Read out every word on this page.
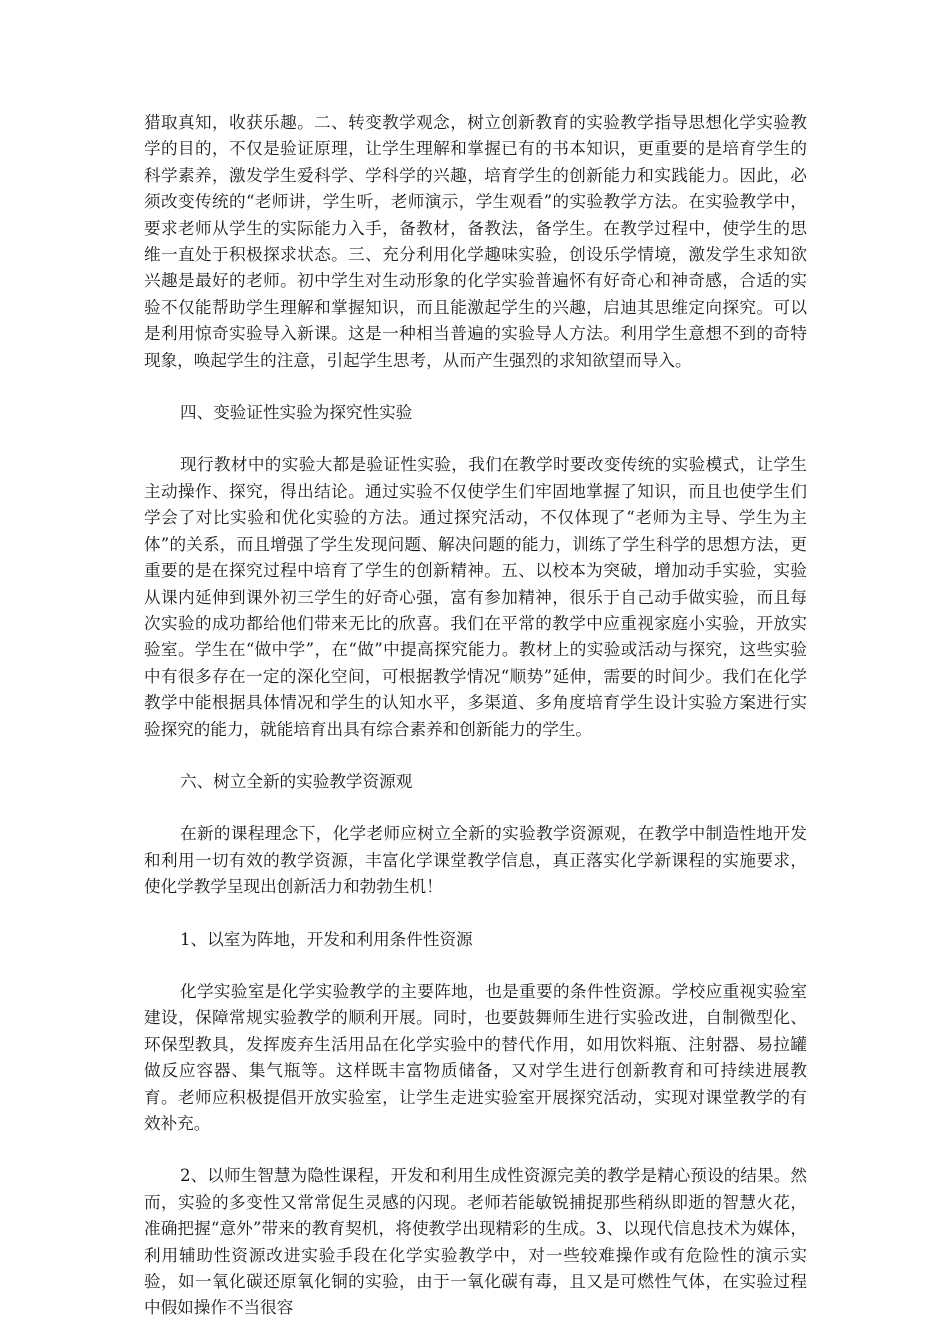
猎取真知，收获乐趣。二、转变教学观念，树立创新教育的实验教学指导思想化学实验教学的目的，不仅是验证原理，让学生理解和掌握已有的书本知识，更重要的是培育学生的科学素养，激发学生爱科学、学科学的兴趣，培育学生的创新能力和实践能力。因此，必须改变传统的“老师讲，学生听，老师演示，学生观看”的实验教学方法。在实验教学中，要求老师从学生的实际能力入手，备教材，备教法，备学生。在教学过程中，使学生的思维一直处于积极探求状态。三、充分利用化学趣味实验，创设乐学情境，激发学生求知欲兴趣是最好的老师。初中学生对生动形象的化学实验普遍怀有好奇心和神奇感，合适的实验不仅能帮助学生理解和掌握知识，而且能激起学生的兴趣，启迪其思维定向探究。可以是利用惊奇实验导入新课。这是一种相当普遍的实验导人方法。利用学生意想不到的奇特现象，唤起学生的注意，引起学生思考，从而产生强烈的求知欲望而导入。

四、变验证性实验为探究性实验

现行教材中的实验大都是验证性实验，我们在教学时要改变传统的实验模式，让学生主动操作、探究，得出结论。通过实验不仅使学生们牢固地掌握了知识，而且也使学生们学会了对比实验和优化实验的方法。通过探究活动，不仅体现了“老师为主导、学生为主体”的关系，而且增强了学生发现问题、解决问题的能力，训练了学生科学的思想方法，更重要的是在探究过程中培育了学生的创新精神。五、以校本为突破，增加动手实验，实验从课内延伸到课外初三学生的好奇心强，富有参加精神，很乐于自己动手做实验，而且每次实验的成功都给他们带来无比的欣喜。我们在平常的教学中应重视家庭小实验，开放实验室。学生在“做中学”，在“做”中提高探究能力。教材上的实验或活动与探究，这些实验中有很多存在一定的深化空间，可根据教学情况“顺势”延伸，需要的时间少。我们在化学教学中能根据具体情况和学生的认知水平，多渠道、多角度培育学生设计实验方案进行实验探究的能力，就能培育出具有综合素养和创新能力的学生。

六、树立全新的实验教学资源观

在新的课程理念下，化学老师应树立全新的实验教学资源观，在教学中制造性地开发和利用一切有效的教学资源，丰富化学课堂教学信息，真正落实化学新课程的实施要求，使化学教学呈现出创新活力和勃勃生机！

1、以室为阵地，开发和利用条件性资源

化学实验室是化学实验教学的主要阵地，也是重要的条件性资源。学校应重视实验室建设，保障常规实验教学的顺利开展。同时，也要鼓舞师生进行实验改进，自制微型化、环保型教具，发挥废弃生活用品在化学实验中的替代作用，如用饮料瓶、注射器、易拉罐做反应容器、集气瓶等。这样既丰富物质储备，又对学生进行创新教育和可持续进展教育。老师应积极提倡开放实验室，让学生走进实验室开展探究活动，实现对课堂教学的有效补充。

2、以师生智慧为隐性课程，开发和利用生成性资源完美的教学是精心预设的结果。然而，实验的多变性又常常促生灵感的闪现。老师若能敏锐捕捉那些稍纵即逝的智慧火花，准确把握“意外”带来的教育契机，将使教学出现精彩的生成。3、以现代信息技术为媒体，利用辅助性资源改进实验手段在化学实验教学中，对一些较难操作或有危险性的演示实验，如一氧化碳还原氧化铜的实验，由于一氧化碳有毒，且又是可燃性气体，在实验过程中假如操作不当很容
